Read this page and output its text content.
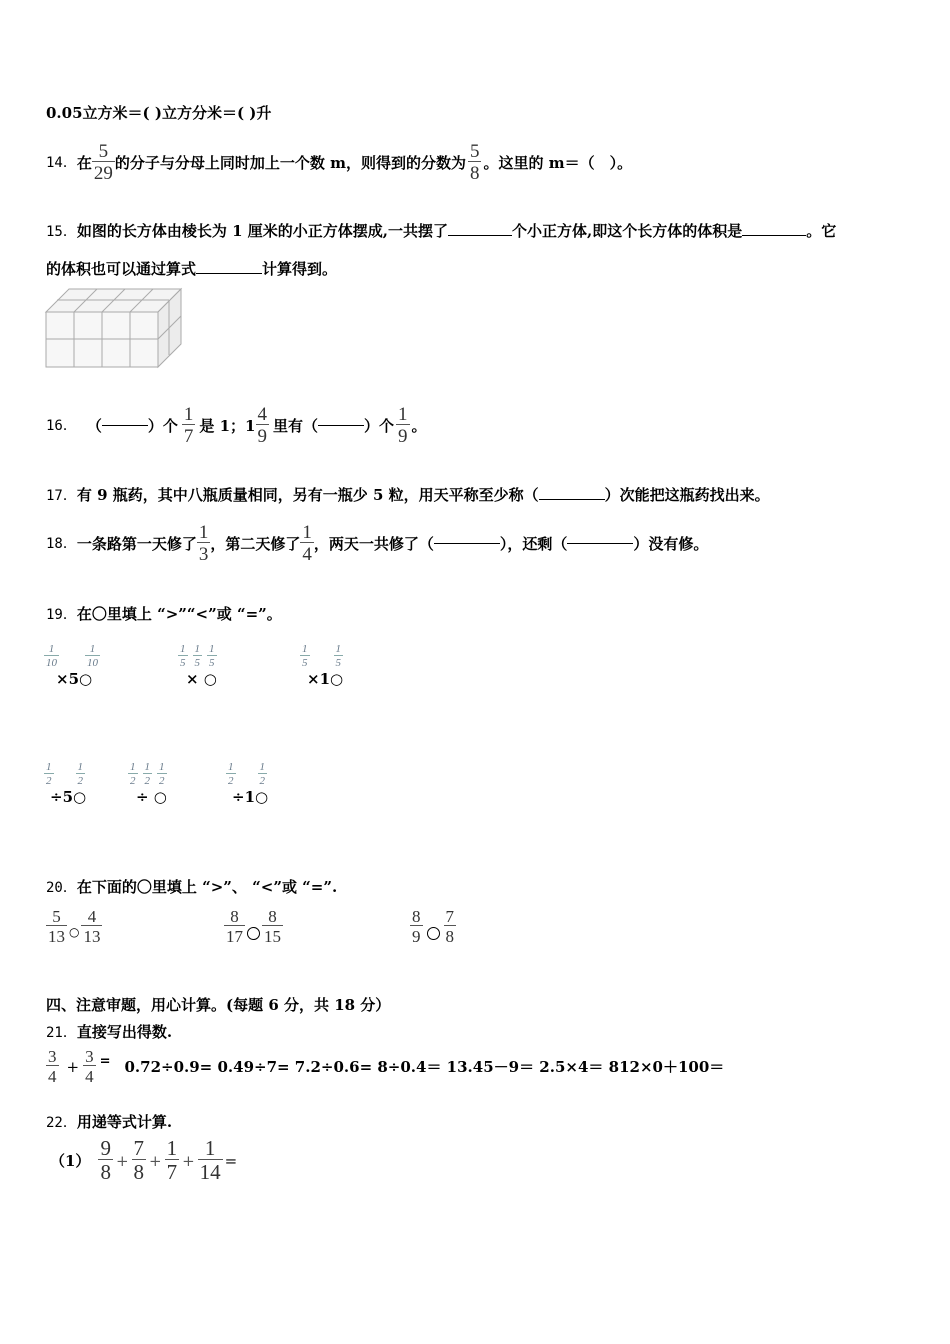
0.05立方米＝( )立方分米＝( )升
14． 在 $\frac{5}{29}$ 的分子与分母上同时加上一个数 m，则得到的分数为 $\frac{5}{8}$ 。这里的 m＝（　）。
15．如图的长方体由棱长为 1 厘米的小正方体摆成,一共摆了	个小正方体,即这个长方体的体积是	。它
的体积也可以通过算式	计算得到。
16． （	）个 $\frac{1}{7}$ 是 1；$1 \frac{4}{9}$ 里有（	）个 $\frac{1}{9}$ 。
17．有 9 瓶药，其中八瓶质量相同，另有一瓶少 5 粒，用天平称至少称（	）次能把这瓶药找出来。
18． 一条路第一天修了 $\frac{1}{3}$ ，第二天修了 $\frac{1}{4}$ ，两天一共修了（	），还剩（	）没有修。
19．在〇里填上 “>”“<”或 “=”。
$\frac{1}{10} \frac{1}{10}$
×5○
$\frac{1}{5} \frac{1}{5} \frac{1}{5}$
× ○
$\frac{1}{5} \frac{1}{5}$
×1○
$\frac{1}{2} \frac{1}{2}$
÷5○
$\frac{1}{2} \frac{1}{2} \frac{1}{2}$
÷ ○
$\frac{1}{2} \frac{1}{2}$
÷1○
20．在下面的〇里填上 “>”、 “<”或 “=”.
$\frac{5}{13}$ ○ $\frac{4}{13}$	$\frac{8}{17} \frac{8}{15}$	$\frac{8}{9} \frac{7}{8}$
四、注意审题，用心计算。(每题 6 分，共 18 分）
21．直接写出得数.
$\frac{3}{4} + \frac{3}{4} = 0.72\div 0.9= 0.49\div 7= 7.2\div 0.6= 8\div 0.4= 13.45-9= 2.5\times 4= 812\times 0+100=$
22．用递等式计算.
$(1) \frac{9}{8} + \frac{7}{8} + \frac{1}{7} + \frac{1}{14}$ =
